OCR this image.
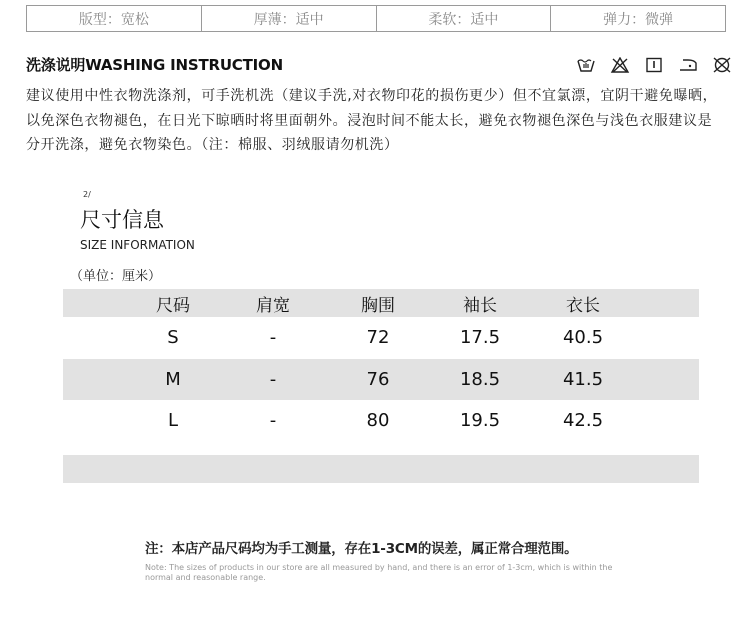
版型：宽松	厚薄：适中	柔软：适中	弹力：微弹
洗涤说明WASHING INSTRUCTION
建议使用中性衣物洗涤剂，可手洗机洗（建议手洗,对衣物印花的损伤更少）但不宜氯漂，宜阴干避免曝晒，以免深色衣物褪色，在日光下晾晒时将里面朝外。浸泡时间不能太长，避免衣物褪色深色与浅色衣服建议是分开洗涤，避免衣物染色。（注：棉服、羽绒服请勿机洗）
2/
尺寸信息
SIZE INFORMATION
（单位：厘米）
尺码	肩宽	胸围	袖长	衣长
S	-	72	17.5	40.5
M	-	76	18.5	41.5
L	-	80	19.5	42.5
注：本店产品尺码均为手工测量，存在1-3CM的误差，属正常合理范围。
Note: The sizes of products in our store are all measured by hand, and there is an error of 1-3cm, which is within the normal and reasonable range.
